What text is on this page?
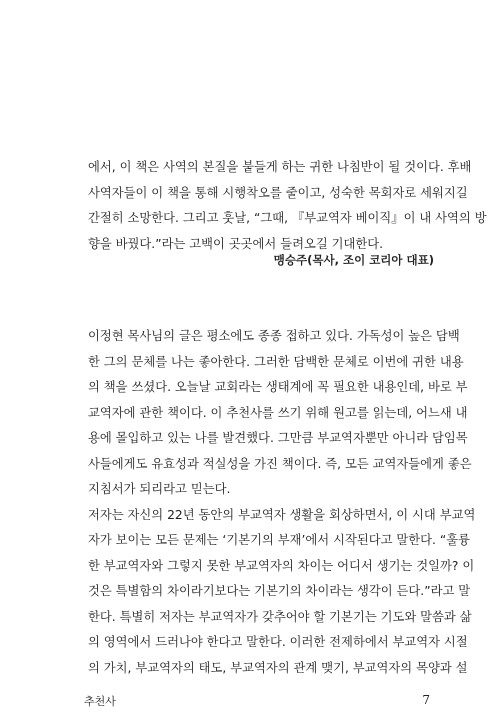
에서, 이 책은 사역의 본질을 붙들게 하는 귀한 나침반이 될 것이다. 후배
사역자들이 이 책을 통해 시행착오를 줄이고, 성숙한 목회자로 세워지길
간절히 소망한다. 그리고 훗날, “그때, 『부교역자 베이직』이 내 사역의 방
향을 바꿨다.”라는 고백이 곳곳에서 들려오길 기대한다.
맹승주(목사, 조이 코리아 대표)
이정현 목사님의 글은 평소에도 종종 접하고 있다. 가독성이 높은 담백
한 그의 문체를 나는 좋아한다. 그러한 담백한 문체로 이번에 귀한 내용
의 책을 쓰셨다. 오늘날 교회라는 생태계에 꼭 필요한 내용인데, 바로 부
교역자에 관한 책이다. 이 추천사를 쓰기 위해 원고를 읽는데, 어느새 내
용에 몰입하고 있는 나를 발견했다. 그만큼 부교역자뿐만 아니라 담임목
사들에게도 유효성과 적실성을 가진 책이다. 즉, 모든 교역자들에게 좋은
지침서가 되리라고 믿는다.
저자는 자신의 22년 동안의 부교역자 생활을 회상하면서, 이 시대 부교역
자가 보이는 모든 문제는 ‘기본기의 부재’에서 시작된다고 말한다. “훌륭
한 부교역자와 그렇지 못한 부교역자의 차이는 어디서 생기는 것일까? 이
것은 특별함의 차이라기보다는 기본기의 차이라는 생각이 든다.”라고 말
한다. 특별히 저자는 부교역자가 갖추어야 할 기본기는 기도와 말씀과 삶
의 영역에서 드러나야 한다고 말한다. 이러한 전제하에서 부교역자 시절
의 가치, 부교역자의 태도, 부교역자의 관계 맺기, 부교역자의 목양과 설
추천사	7
